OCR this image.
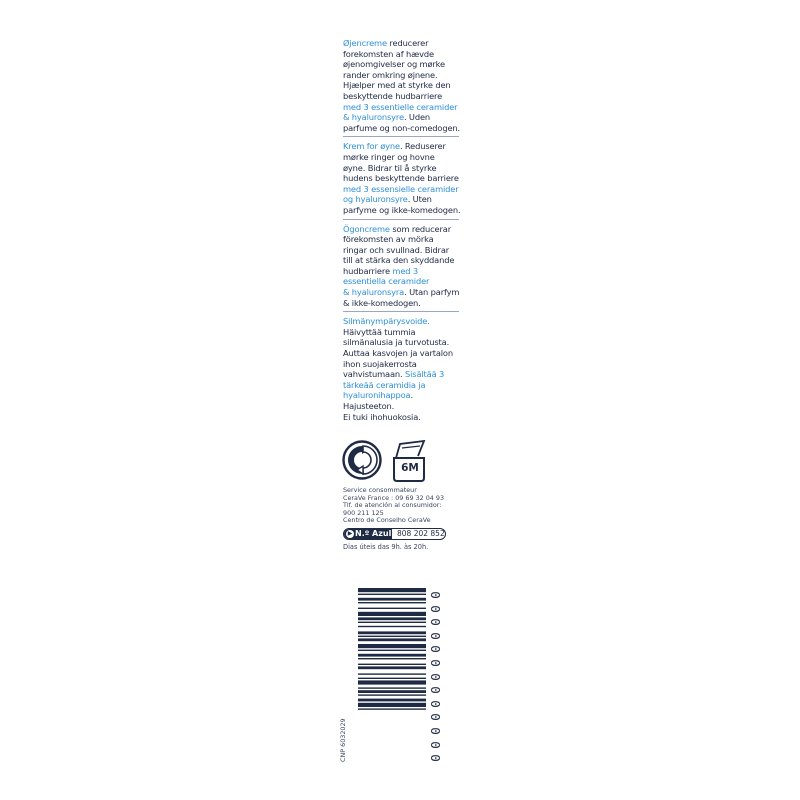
Øjencreme reducerer
forekomsten af hævde
øjenomgivelser og mørke
rander omkring øjnene.
Hjælper med at styrke den
beskyttende hudbarriere
med 3 essentielle ceramider
& hyaluronsyre. Uden
parfume og non-comedogen.
Krem for øyne. Reduserer
mørke ringer og hovne
øyne. Bidrar til å styrke
hudens beskyttende barriere
med 3 essensielle ceramider
og hyaluronsyre. Uten
parfyme og ikke-komedogen.
Ögoncreme som reducerar
förekomsten av mörka
ringar och svullnad. Bidrar
till at stärka den skyddande
hudbarriere med 3
essentiella ceramider
& hyaluronsyra. Utan parfym
& ikke-komedogen.
Silmänympärysvoide.
Häivyttää tummia
silmänalusia ja turvotusta.
Auttaa kasvojen ja vartalon
ihon suojakerrosta
vahvistumaan. Sisältää 3
tärkeää ceramidia ja
hyaluronihappoa. Hajusteeton.
Ei tuki ihohuokosia.
6M
Service consommateur
CeraVe France : 09 69 32 04 93
Tlf. de atención al consumidor:
900 211 125
Centro de Conselho CeraVe
▶ N.º Azul 808 202 852
Dias úteis das 9h. às 20h.
0
0
0
0
0
0
0
0
0
0
0
0
0
CNP 6032029
